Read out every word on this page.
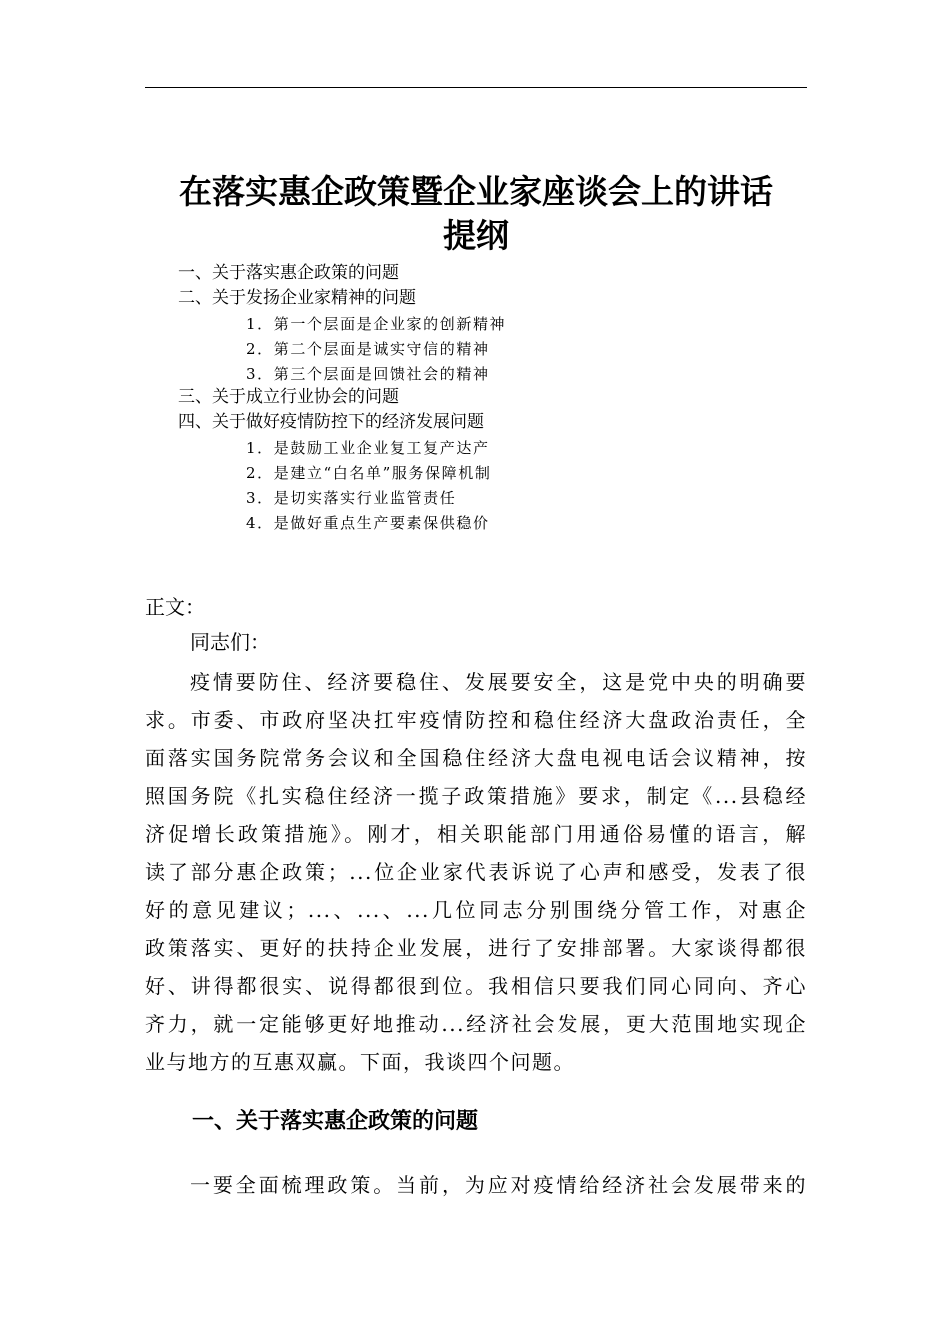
在落实惠企政策暨企业家座谈会上的讲话
提纲
一、关于落实惠企政策的问题
二、关于发扬企业家精神的问题
1．第一个层面是企业家的创新精神
2．第二个层面是诚实守信的精神
3．第三个层面是回馈社会的精神
三、关于成立行业协会的问题
四、关于做好疫情防控下的经济发展问题
1．是鼓励工业企业复工复产达产
2．是建立“白名单”服务保障机制
3．是切实落实行业监管责任
4．是做好重点生产要素保供稳价
正文：
同志们：
疫情要防住、经济要稳住、发展要安全，这是党中央的明确要
求。市委、市政府坚决扛牢疫情防控和稳住经济大盘政治责任，全
面落实国务院常务会议和全国稳住经济大盘电视电话会议精神，按
照国务院《扎实稳住经济一揽子政策措施》要求，制定《...县稳经
济促增长政策措施》。刚才，相关职能部门用通俗易懂的语言，解
读了部分惠企政策；...位企业家代表诉说了心声和感受，发表了很
好的意见建议；...、...、...几位同志分别围绕分管工作，对惠企
政策落实、更好的扶持企业发展，进行了安排部署。大家谈得都很
好、讲得都很实、说得都很到位。我相信只要我们同心同向、齐心
齐力，就一定能够更好地推动...经济社会发展，更大范围地实现企
业与地方的互惠双赢。下面，我谈四个问题。
一、关于落实惠企政策的问题
一要全面梳理政策。当前，为应对疫情给经济社会发展带来的
